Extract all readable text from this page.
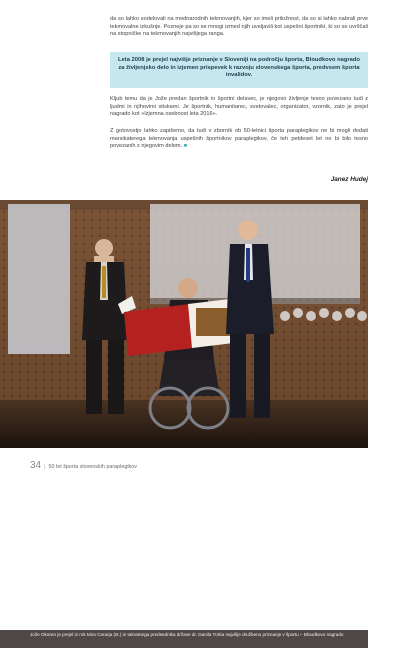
da so lahko sodelovali na mednarodnih tekmovanjih, kjer so imeli priložnost, da so si lahko nabrali prve tekmovalne izkušnje. Pozneje pa so se mnogi izmed njih uveljavili kot uspešni športniki, ki so se uvrščali na stopničke na tekmovanjih najvišjega ranga.

Leta 2008 je prejel najvišje priznanje v Sloveniji na področju športa, Bloudkovo nagrado za življenjsko delo in izjemen prispevek k razvoju slovenskega športa, predvsem športa invalidov.

Kljub temu da je Jože predan športnik in športni delavec, je njegovo življenje tesno povezano tudi z ljudmi in njihovimi stiskami. Je športnik, humanitarec, svetovalec, organizator, vzornik, zato je prejel nagrado kot »Izjemna osebnost leta 2016«.

Z gotovostjo lahko zapišemo, da tudi v zborník ob 50-letnici športa paraplegikov ne bi mogli dodati marsikaterega tekmovanja uspešnih športnikov paraplegikov, če teh petdeset let ne bi bilo tesno povezanih z njegovim delom. ■

Janez Hudej

Jože Okoren je prejel iz rok Mira Cerarja (st.) in takratnega predsednika države dr. Danila Türka najvišje družbeno priznanje v športu – Bloudkovo nagrado

34 | 50 let športa slovenskih paraplegikov
